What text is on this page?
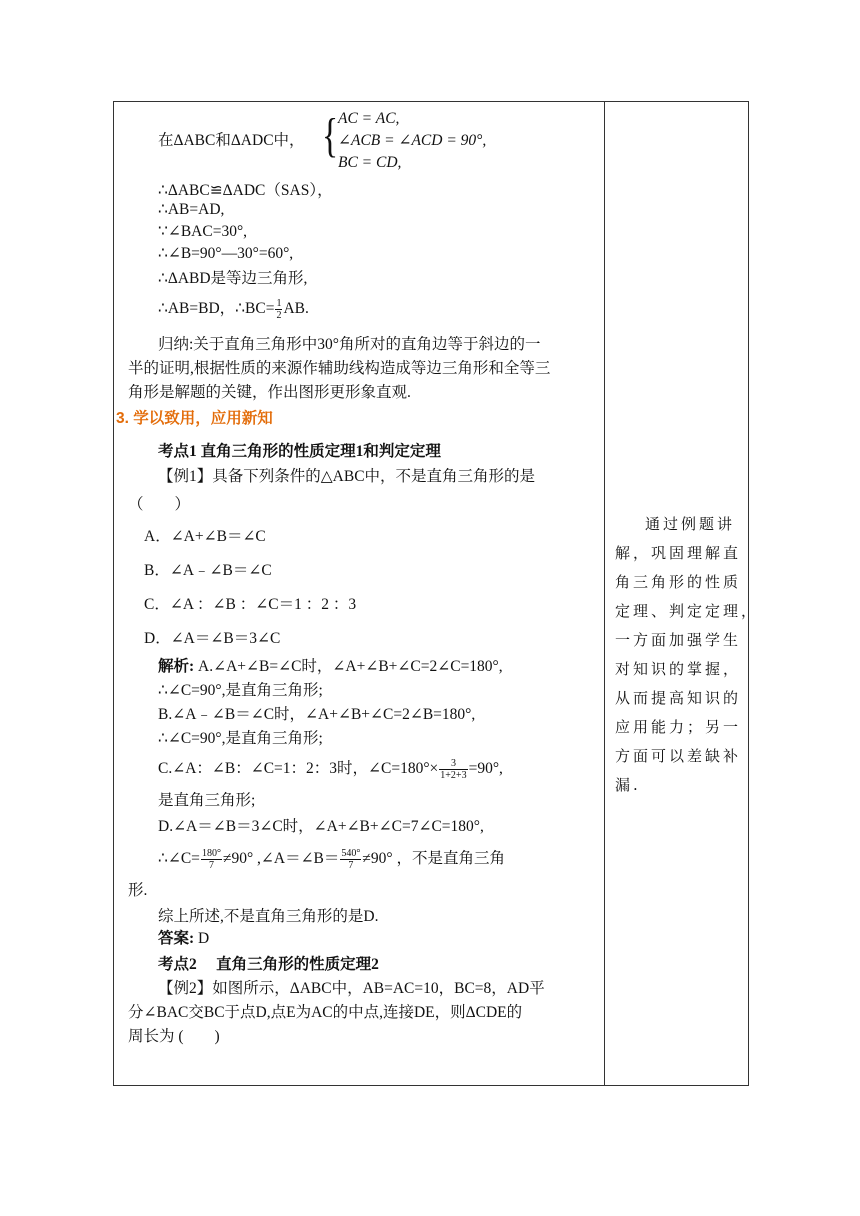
在ΔABC和ΔADC中， { AC = AC,
∠ACB = ∠ACD = 90°,
BC = CD,
∴ΔABC≌ΔADC（SAS），
∴AB=AD,
∵∠BAC=30°,
∴∠B=90°—30°=60°,
∴ΔABD是等边三角形,
∴AB=BD，∴BC= $\frac{1}{2}$ AB.
归纳:关于直角三角形中30°角所对的直角边等于斜边的一
半的证明,根据性质的来源作辅助线构造成等边三角形和全等三
角形是解题的关键，作出图形更形象直观.
3. 学以致用，应用新知
考点1 直角三角形的性质定理1和判定定理
【例1】具备下列条件的△ABC中，不是直角三角形的是
（　　）
A．∠A+∠B＝∠C
B．∠A﹣∠B＝∠C
C．∠A ：∠B ：∠C＝1 ：2 ：3
D．∠A＝∠B＝3∠C
解析: A.∠A+∠B=∠C时，∠A+∠B+∠C=2∠C=180°,
∴∠C=90°,是直角三角形;
B.∠A﹣∠B＝∠C时，∠A+∠B+∠C=2∠B=180°,
∴∠C=90°,是直角三角形;
C.∠A：∠B：∠C=1：2：3时，∠C=180°× $\frac{3}{1+2+3} =90^\circ$,
是直角三角形;
D.∠A＝∠B＝3∠C时，∠A+∠B+∠C=7∠C=180°,
∴∠C= $\frac{180^\circ}{7} \ne 90^\circ$ ,∠A＝∠B＝ $\frac{540^\circ}{7} \ne 90^\circ$ ，不是直角三角
形.
综上所述,不是直角三角形的是D.
答案: D
考点2　 直角三角形的性质定理2
【例2】如图所示，ΔABC中，AB=AC=10，BC=8，AD平
分∠BAC交BC于点D,点E为AC的中点,连接DE，则ΔCDE的
周长为 (　　)
通过例题讲
解，巩固理解直
角三角形的性质
定理、判定定理，
一方面加强学生
对知识的掌握，
从而提高知识的
应用能力；另一
方面可以差缺补
漏.
